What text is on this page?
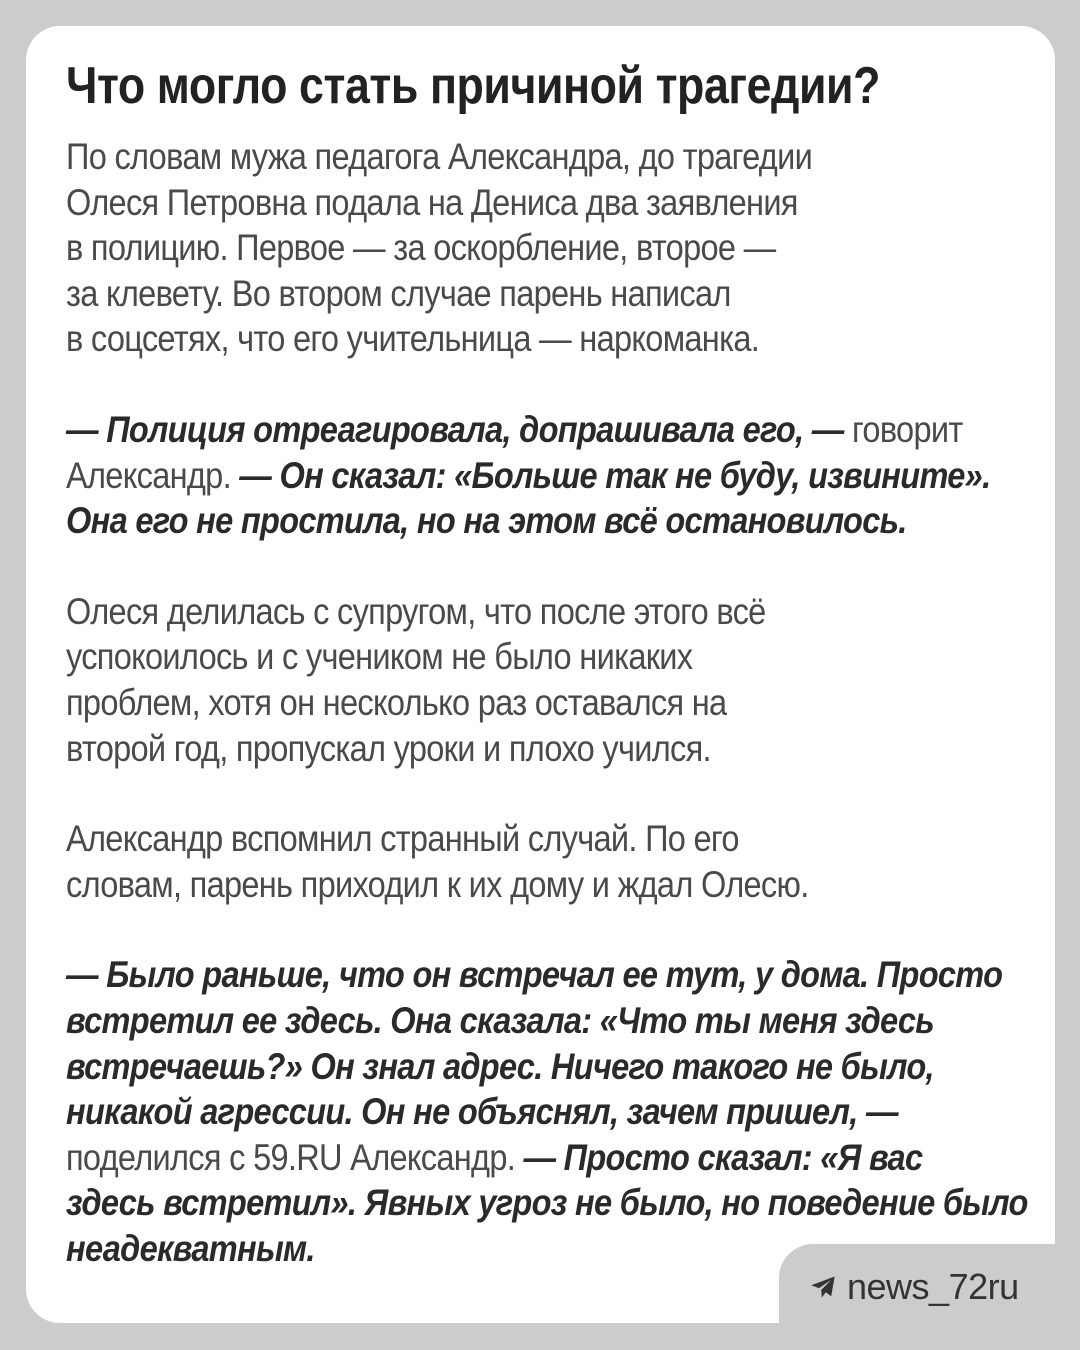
Что могло стать причиной трагедии?

По словам мужа педагога Александра, до трагедии
Олеся Петровна подала на Дениса два заявления
в полицию. Первое — за оскорбление, второе —
за клевету. Во втором случае парень написал
в соцсетях, что его учительница — наркоманка.

— Полиция отреагировала, допрашивала его, — говорит
Александр. — Он сказал: «Больше так не буду, извините».
Она его не простила, но на этом всё остановилось.

Олеся делилась с супругом, что после этого всё
успокоилось и с учеником не было никаких
проблем, хотя он несколько раз оставался на
второй год, пропускал уроки и плохо учился.

Александр вспомнил странный случай. По его
словам, парень приходил к их дому и ждал Олесю.

— Было раньше, что он встречал ее тут, у дома. Просто
встретил ее здесь. Она сказала: «Что ты меня здесь
встречаешь?» Он знал адрес. Ничего такого не было,
никакой агрессии. Он не объяснял, зачем пришел, —
поделился с 59.RU Александр. — Просто сказал: «Я вас
здесь встретил». Явных угроз не было, но поведение было
неадекватным.

news_72ru
